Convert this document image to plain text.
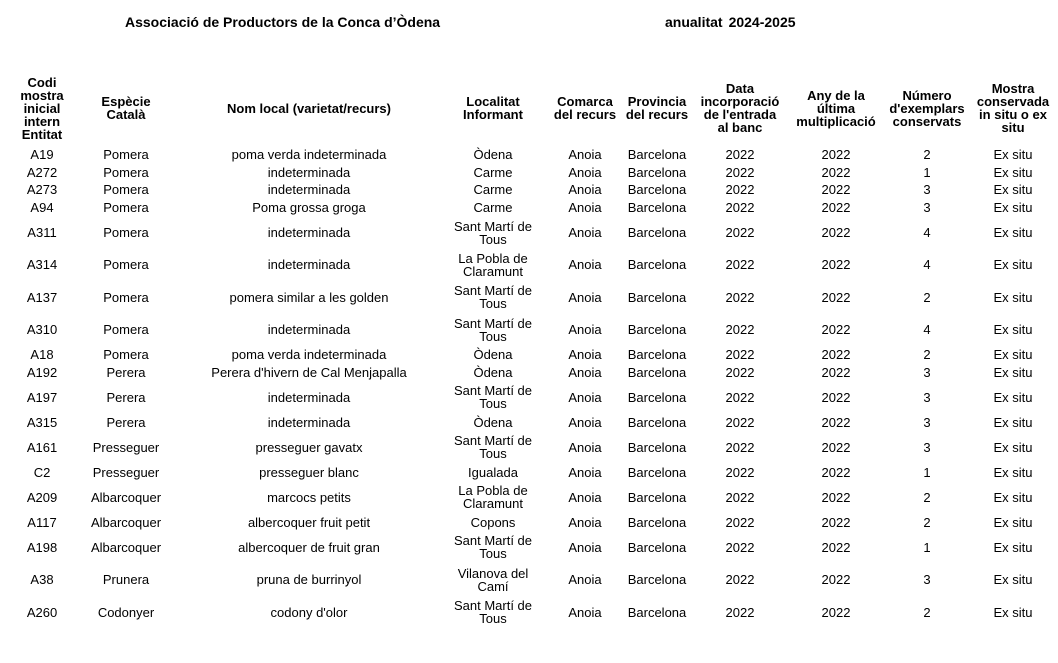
Associació de Productors de la Conca d’Òdena	anualitat 2024-2025
Codi mostra inicial intern Entitat	Espècie Català	Nom local (varietat/recurs)	Localitat Informant	Comarca del recurs	Provincia del recurs	Data incorporació de l'entrada al banc	Any de la última multiplicació	Número d'exemplars conservats	Mostra conservada in situ o ex situ
A19	Pomera	poma verda indeterminada	Òdena	Anoia	Barcelona	2022	2022	2	Ex situ
A272	Pomera	indeterminada	Carme	Anoia	Barcelona	2022	2022	1	Ex situ
A273	Pomera	indeterminada	Carme	Anoia	Barcelona	2022	2022	3	Ex situ
A94	Pomera	Poma grossa groga	Carme	Anoia	Barcelona	2022	2022	3	Ex situ
A311	Pomera	indeterminada	Sant Martí de Tous	Anoia	Barcelona	2022	2022	4	Ex situ
A314	Pomera	indeterminada	La Pobla de Claramunt	Anoia	Barcelona	2022	2022	4	Ex situ
A137	Pomera	pomera similar a les golden	Sant Martí de Tous	Anoia	Barcelona	2022	2022	2	Ex situ
A310	Pomera	indeterminada	Sant Martí de Tous	Anoia	Barcelona	2022	2022	4	Ex situ
A18	Pomera	poma verda indeterminada	Òdena	Anoia	Barcelona	2022	2022	2	Ex situ
A192	Perera	Perera d'hivern de Cal Menjapalla	Òdena	Anoia	Barcelona	2022	2022	3	Ex situ
A197	Perera	indeterminada	Sant Martí de Tous	Anoia	Barcelona	2022	2022	3	Ex situ
A315	Perera	indeterminada	Òdena	Anoia	Barcelona	2022	2022	3	Ex situ
A161	Presseguer	presseguer gavatx	Sant Martí de Tous	Anoia	Barcelona	2022	2022	3	Ex situ
C2	Presseguer	presseguer blanc	Igualada	Anoia	Barcelona	2022	2022	1	Ex situ
A209	Albarcoquer	marcocs petits	La Pobla de Claramunt	Anoia	Barcelona	2022	2022	2	Ex situ
A117	Albarcoquer	albercoquer fruit petit	Copons	Anoia	Barcelona	2022	2022	2	Ex situ
A198	Albarcoquer	albercoquer de fruit gran	Sant Martí de Tous	Anoia	Barcelona	2022	2022	1	Ex situ
A38	Prunera	pruna de burrinyol	Vilanova del Camí	Anoia	Barcelona	2022	2022	3	Ex situ
A260	Codonyer	codony d'olor	Sant Martí de Tous	Anoia	Barcelona	2022	2022	2	Ex situ
